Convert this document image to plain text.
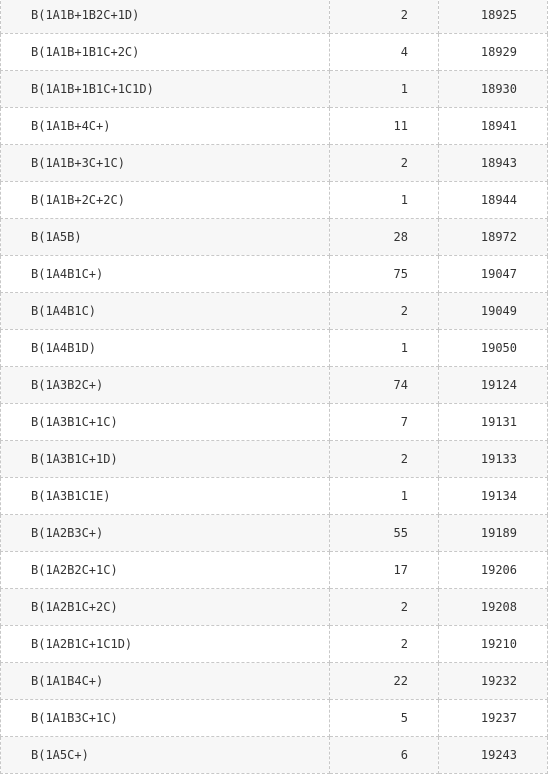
B(1A1B+1B2C+1D)	2	18925
B(1A1B+1B1C+2C)	4	18929
B(1A1B+1B1C+1C1D)	1	18930
B(1A1B+4C+)	11	18941
B(1A1B+3C+1C)	2	18943
B(1A1B+2C+2C)	1	18944
B(1A5B)	28	18972
B(1A4B1C+)	75	19047
B(1A4B1C)	2	19049
B(1A4B1D)	1	19050
B(1A3B2C+)	74	19124
B(1A3B1C+1C)	7	19131
B(1A3B1C+1D)	2	19133
B(1A3B1C1E)	1	19134
B(1A2B3C+)	55	19189
B(1A2B2C+1C)	17	19206
B(1A2B1C+2C)	2	19208
B(1A2B1C+1C1D)	2	19210
B(1A1B4C+)	22	19232
B(1A1B3C+1C)	5	19237
B(1A5C+)	6	19243
